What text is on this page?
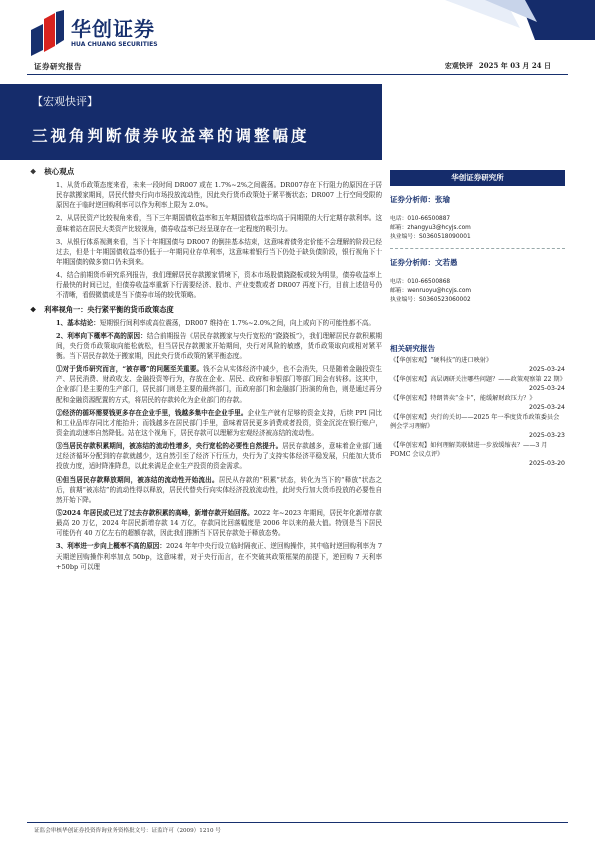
华创证券
HUA CHUANG SECURITIES
证券研究报告	宏观快评 2025 年 03 月 24 日
【宏观快评】
三视角判断债券收益率的调整幅度
❖ 核心观点
1、从货币政策态度来看，未来一段时间 DR007 或在 1.7%~2%之间震荡。DR007存在下行阻力的原因在于居民存款搬家期间，居民代替央行向市场投放流动性，因此央行货币政策处于紧平衡状态；DR007 上行空间受限的原因在于临时逆回购利率可以作为利率上限为 2.0%。
2、从居民资产比较视角来看，当下三年期国债收益率和五年期国债收益率均高于同期限的大行定期存款利率。这意味着站在居民大类资产比较视角，债券收益率已经呈现存在一定程度的吸引力。
3、从银行体系视测来看，当下十年期国债与 DR007 的倒挂基本结束，这意味着债务定价能不会理解的阶段已经过去，但是十年期国债收益率仍低于一年期同业存单利率，这意味着银行当下仍处于缺负债阶段，银行视角下十年期国债的做多窗口仍未到来。
4、结合前期货币研究系列报告，我们理解居民存款搬家情境下，资本市场股债跷跷板或较为明显，债券收益率上行最快的时间已过，但债券收益率重新下行需要经济、股市、产业变数或者 DR007 再度下行，目前上述信号仍不清晰，看假微债或是当下债券市场的较优策略。
❖ 利率视角一：央行紧平衡的货币政策态度
1、基本结论：短期银行间利率或高位震荡，DR007 维持在 1.7%~2.0%之间，向上或向下的可能性都不高。
2、利率向下概率不高的原因：结合前期报告《居民存款搬家与央行宽松的“跷跷板”》，我们理解居民存款积累期间，央行货币政策取向能松就松，但当居民存款搬家开始期间，央行对风险的敏感，货币政策取向或相对紧平衡。当下居民存款处于搬家期，因此央行货币政策的紧平衡态度。
①对于货币研究而言，“被存哪”的问题至关重要。钱不会从实体经济中减少，也不会消失，只是随着金融投资生产、居民消费、财政收支、金融投资等行为，存放在企业、居民、政府和非银部门等部门间会有转移。这其中，企业部门是主要的生产部门，居民部门则是主要的最终部门，而政府部门和金融部门扮演的角色，则是通过再分配和金融资源配置的方式，将居民的存款转化为企业部门的存款。
②经济的循环需要钱更多存在企业手里，钱越多集中在企业手里。企业生产就有足够的资金支持，后续 PPI 同比和工业品库存同比才能抬升；而钱越多在居民部门手里，意味着居民更多消费或者投资，资金沉淀在银行账户，资金流动速率自然降低。站在这个视角下，居民存款可以理解为宏观经济被冻结的流动性。
③当居民存款积累期间，被冻结的流动性增多，央行宽松的必要性自然提升。居民存款越多，意味着企业部门通过经济循环分配到的存款就越少，这自然引至了经济下行压力，央行为了支持实体经济平稳发展，只能加大货币投放力度，适时降准降息，以此来满足企业生产投资的资金需求。
④但当居民存款释放期间，被冻结的流动性开始流出。居民从存款的“积累”状态，转化为当下的“释放”状态之后，前期“被冻结”的流动性得以释放，居民代替央行向实体经济投放流动性，此时央行加大货币投放的必要性自然开始下降。
⑤2024 年居民或已过了过去存款积累的高峰，新增存款开始回落。2022 年~2023 年期间，居民年化新增存款最高 20 万亿，2024 年居民新增存款 14 万亿，存款同比回落幅度是 2006 年以来的最大值。特别是当下居民可能仍有 40 万亿左右的超额存款，因此我们推断当下居民存款处于释放态势。
3、利率进一步向上概率不高的原因：2024 年年中央行设立临时隔夜正、逆回购操作，其中临时逆回购利率为 7 天期逆回购操作利率加点 50bp，这意味着，对于央行而言，在不突破其政策框架的前提下，逆回购 7 天利率+50bp 可以理
华创证券研究所
证券分析师：张瑜
电话：010-66500887
邮箱：zhangyu3@hcyjs.com
执业编号：S0360518090001
证券分析师：文若愚
电话：010-66500868
邮箱：wenruoyu@hcyjs.com
执业编号：S0360523060002
相关研究报告
《【华创宏观】“硬科技”的进口映射》
2025-03-24
《【华创宏观】高层调研关注哪些问题？——政策观察第 22 期》
2025-03-24
《【华创宏观】特朗普卖“金卡”，能缓解财政压力？》
2025-03-24
《【华创宏观】央行的关切——2025 年一季度货币政策委员会例会学习理解》
2025-03-23
《【华创宏观】如何理解美联储进一步放缓缩表？——3 月 FOMC 会议点评》
2025-03-20
证监会审核华创证券投资咨询业务资格批文号：证监许可（2009）1210 号
